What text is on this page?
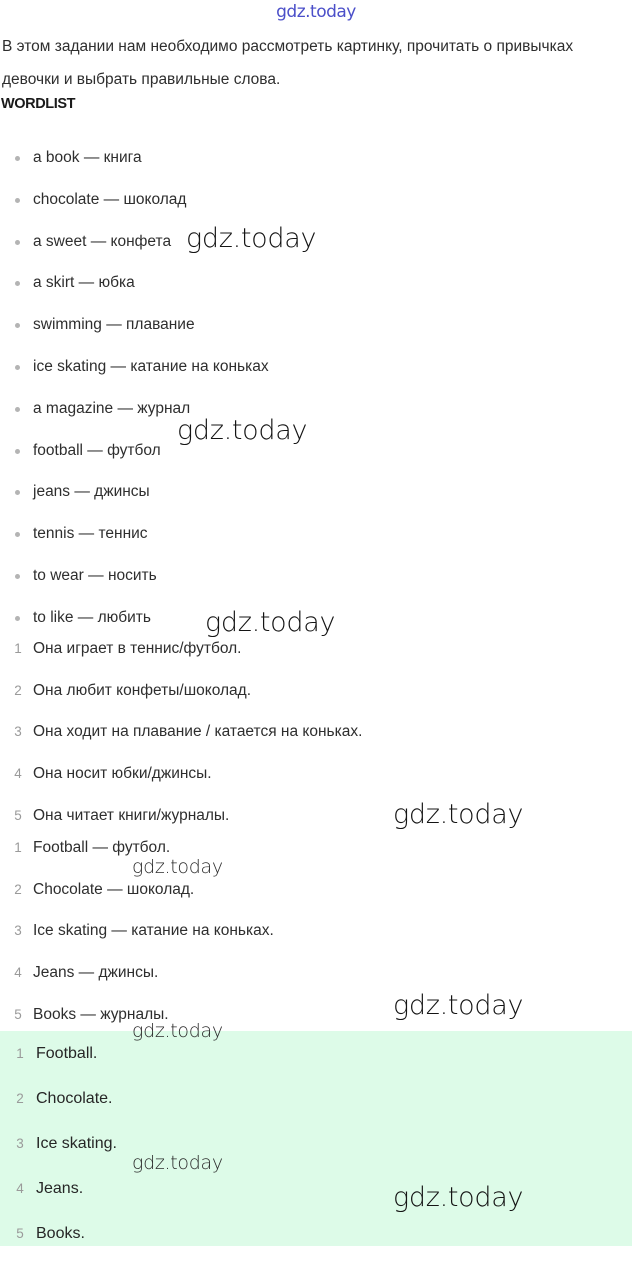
gdz.today

В этом задании нам необходимо рассмотреть картинку, прочитать о привычках девочки и выбрать правильные слова.

WORDLIST
a book — книга
chocolate — шоколад
a sweet — конфета
a skirt — юбка
swimming — плавание
ice skating — катание на коньках
a magazine — журнал
football — футбол
jeans — джинсы
tennis — теннис
to wear — носить
to like — любить
1 Она играет в теннис/футбол.
2 Она любит конфеты/шоколад.
3 Она ходит на плавание / катается на коньках.
4 Она носит юбки/джинсы.
5 Она читает книги/журналы.
1 Football — футбол.
2 Chocolate — шоколад.
3 Ice skating — катание на коньках.
4 Jeans — джинсы.
5 Books — журналы.
1 Football.
2 Chocolate.
3 Ice skating.
4 Jeans.
5 Books.
gdz.today
gdz.today
gdz.today
gdz.today
gdz.today
gdz.today
gdz.today
gdz.today
gdz.today
